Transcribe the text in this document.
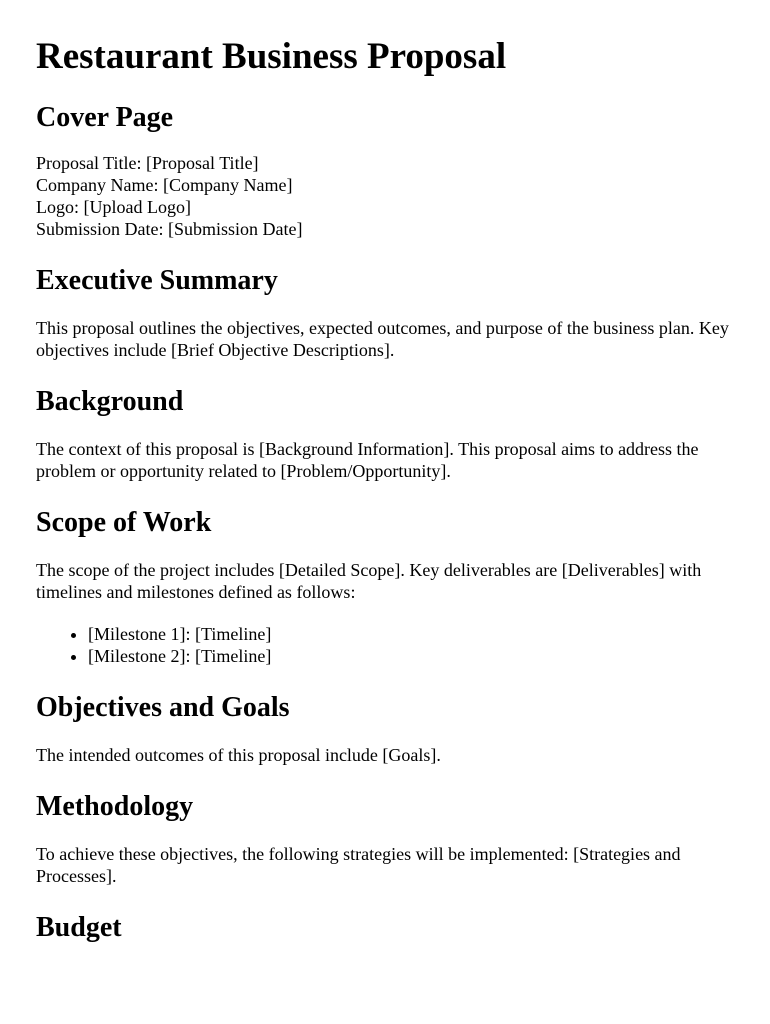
Restaurant Business Proposal
Cover Page
Proposal Title: [Proposal Title]
Company Name: [Company Name]
Logo: [Upload Logo]
Submission Date: [Submission Date]
Executive Summary

This proposal outlines the objectives, expected outcomes, and purpose of the business plan. Key objectives include [Brief Objective Descriptions].

Background

The context of this proposal is [Background Information]. This proposal aims to address the problem or opportunity related to [Problem/Opportunity].

Scope of Work

The scope of the project includes [Detailed Scope]. Key deliverables are [Deliverables] with timelines and milestones defined as follows:

• [Milestone 1]: [Timeline]
• [Milestone 2]: [Timeline]
Objectives and Goals

The intended outcomes of this proposal include [Goals].

Methodology

To achieve these objectives, the following strategies will be implemented: [Strategies and Processes].

Budget
